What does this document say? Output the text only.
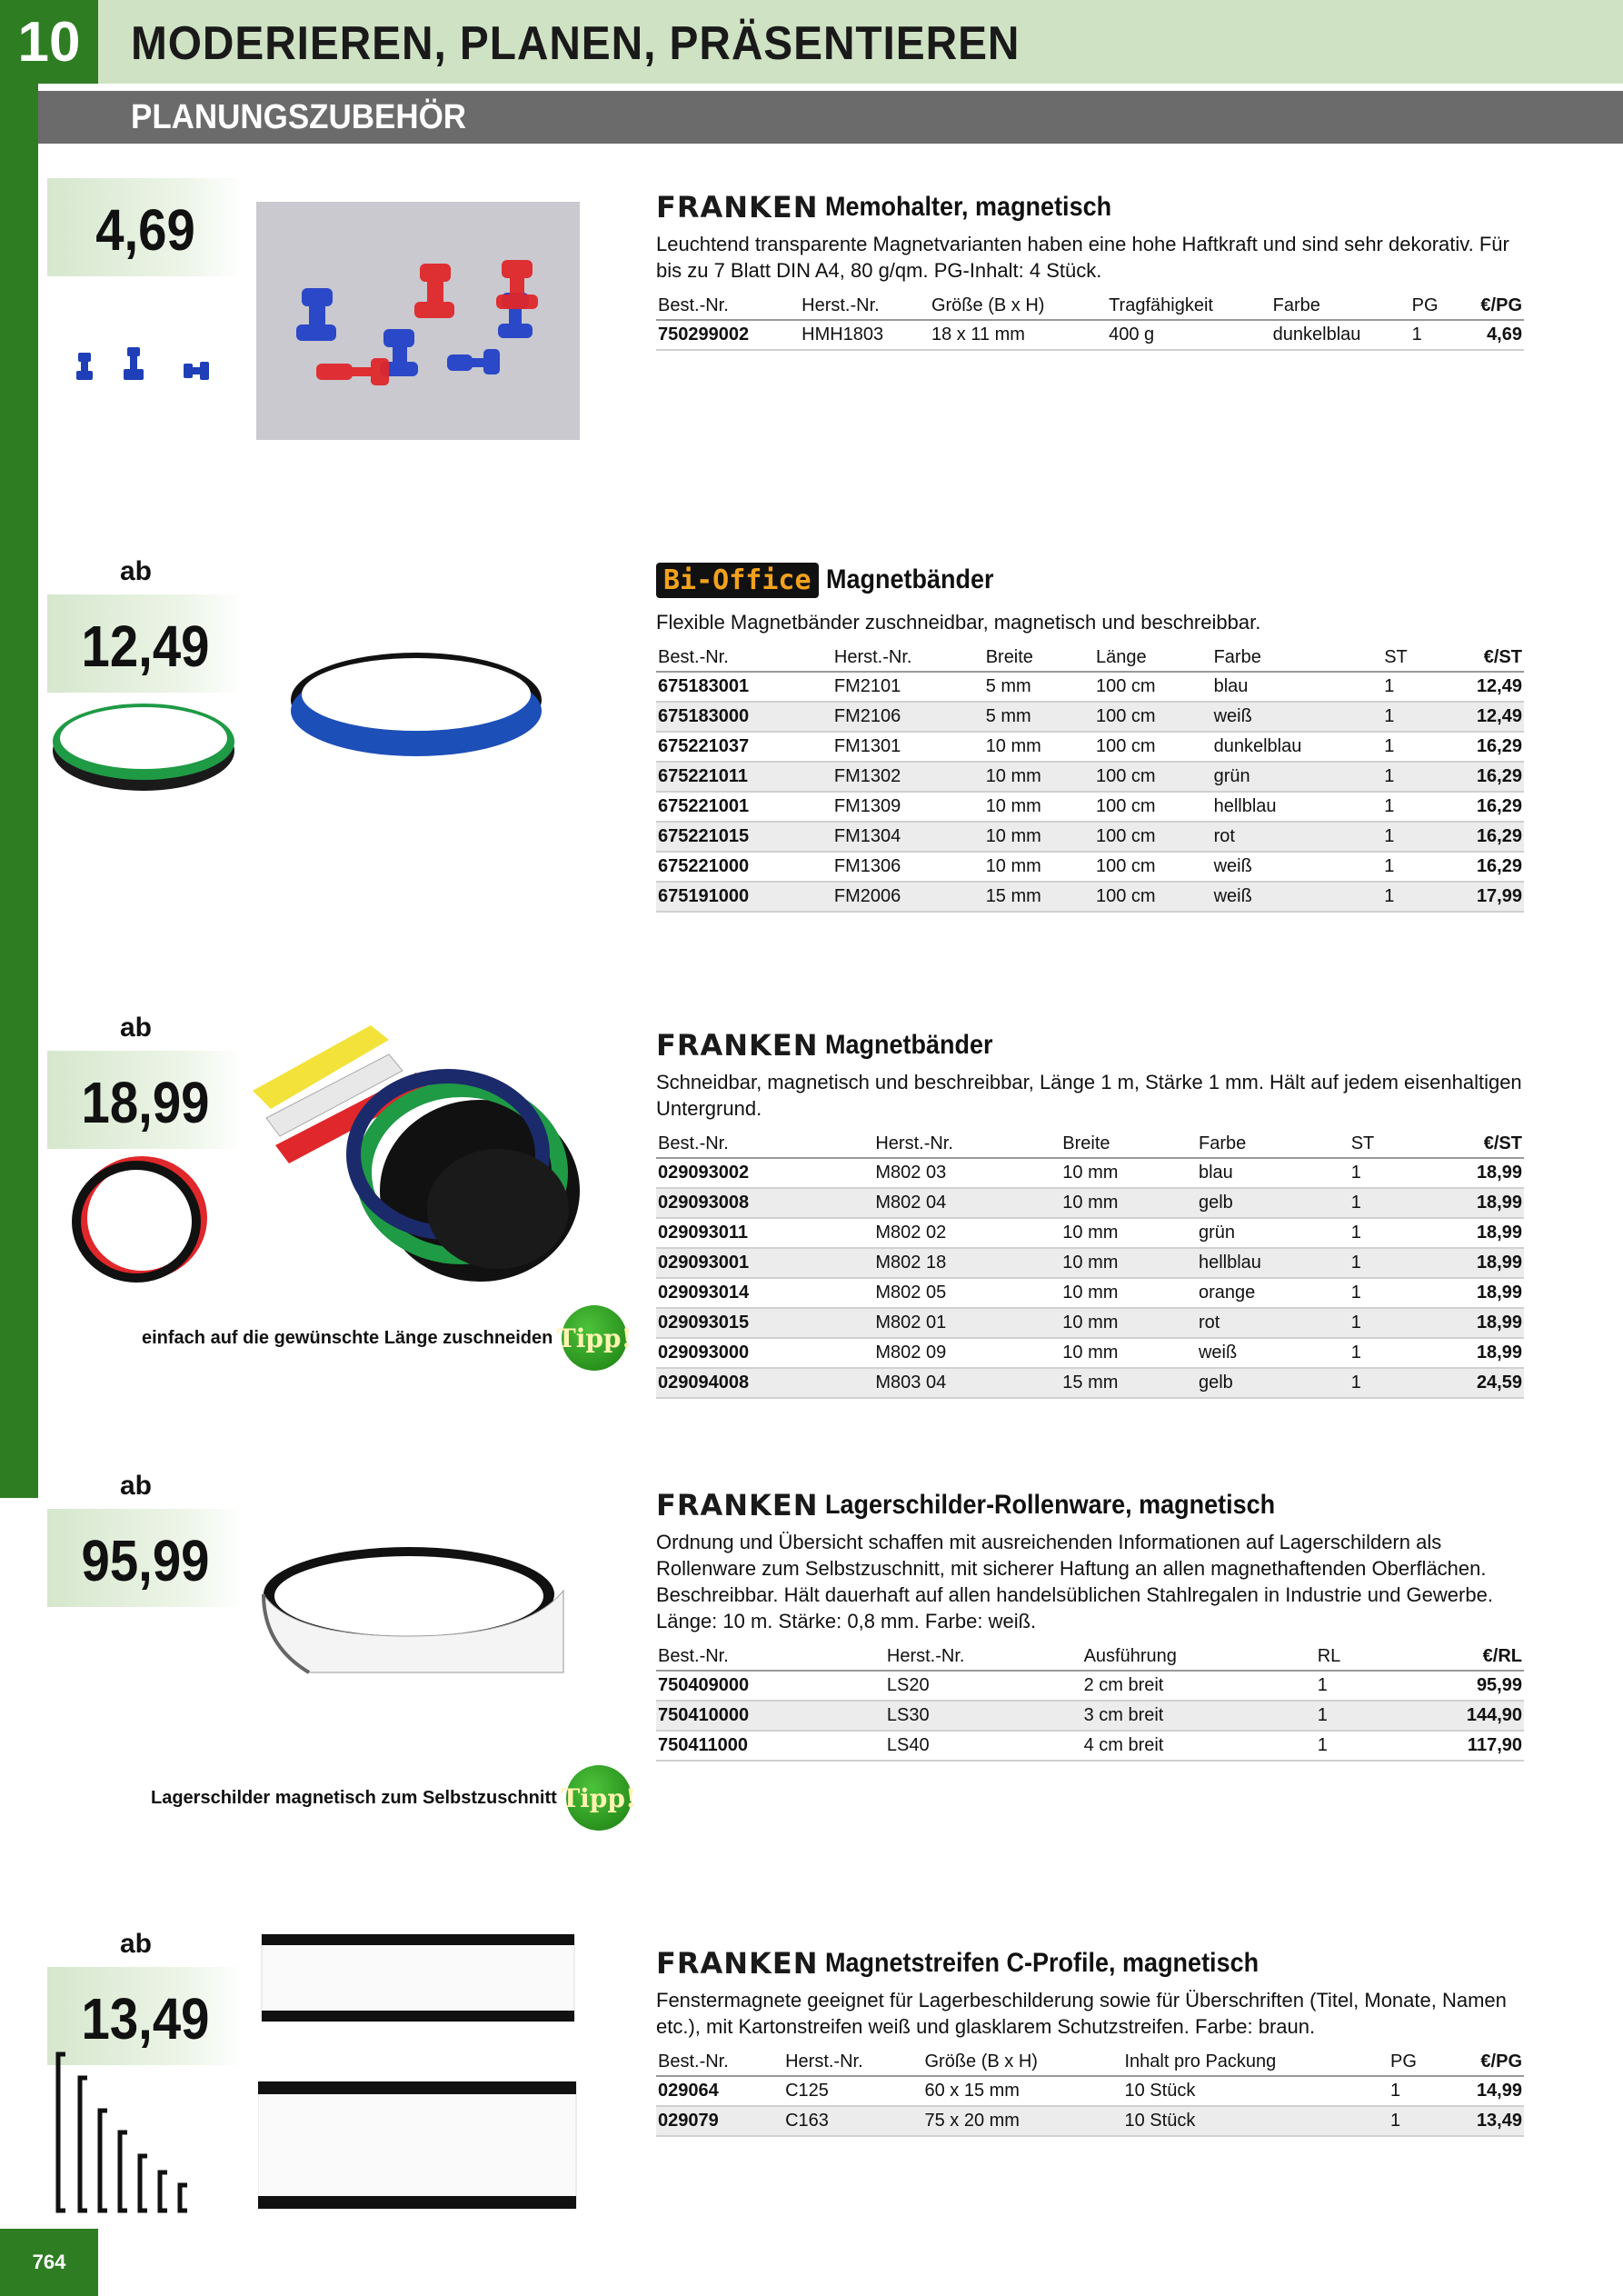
10	MODERIEREN, PLANEN, PRÄSENTIEREN
PLANUNGSZUBEHÖR
764
4,69	FRANKEN Memohalter, magnetisch
Leuchtend transparente Magnetvarianten haben eine hohe Haftkraft und sind sehr dekorativ. Für bis zu 7 Blatt DIN A4, 80 g/qm. PG-Inhalt: 4 Stück.
Best.-Nr.	Herst.-Nr.	Größe (B x H)	Tragfähigkeit	Farbe	PG	€/PG
750299002	HMH1803	18 x 11 mm	400 g	dunkelblau	1	4,69
ab
12,49
Bi-Office Magnetbänder
Flexible Magnetbänder zuschneidbar, magnetisch und beschreibbar.
Best.-Nr.	Herst.-Nr.	Breite	Länge	Farbe	ST	€/ST
675183001	FM2101	5 mm	100 cm	blau	1	12,49
675183000	FM2106	5 mm	100 cm	weiß	1	12,49
675221037	FM1301	10 mm	100 cm	dunkelblau	1	16,29
675221011	FM1302	10 mm	100 cm	grün	1	16,29
675221001	FM1309	10 mm	100 cm	hellblau	1	16,29
675221015	FM1304	10 mm	100 cm	rot	1	16,29
675221000	FM1306	10 mm	100 cm	weiß	1	16,29
675191000	FM2006	15 mm	100 cm	weiß	1	17,99
ab
18,99
einfach auf die gewünschte Länge zuschneiden Tipp!
FRANKEN Magnetbänder
Schneidbar, magnetisch und beschreibbar, Länge 1 m, Stärke 1 mm. Hält auf jedem eisenhaltigen Untergrund.
Best.-Nr.	Herst.-Nr.	Breite	Farbe	ST	€/ST
029093002	M802 03	10 mm	blau	1	18,99
029093008	M802 04	10 mm	gelb	1	18,99
029093011	M802 02	10 mm	grün	1	18,99
029093001	M802 18	10 mm	hellblau	1	18,99
029093014	M802 05	10 mm	orange	1	18,99
029093015	M802 01	10 mm	rot	1	18,99
029093000	M802 09	10 mm	weiß	1	18,99
029094008	M803 04	15 mm	gelb	1	24,59
ab
95,99
Lagerschilder magnetisch zum Selbstzuschnitt Tipp!
FRANKEN Lagerschilder-Rollenware, magnetisch
Ordnung und Übersicht schaffen mit ausreichenden Informationen auf Lagerschildern als Rollenware zum Selbstzuschnitt, mit sicherer Haftung an allen magnethaftenden Oberflächen. Beschreibbar. Hält dauerhaft auf allen handelsüblichen Stahlregalen in Industrie und Gewerbe. Länge: 10 m. Stärke: 0,8 mm. Farbe: weiß.
Best.-Nr.	Herst.-Nr.	Ausführung	RL	€/RL
750409000	LS20	2 cm breit	1	95,99
750410000	LS30	3 cm breit	1	144,90
750411000	LS40	4 cm breit	1	117,90
ab
13,49
FRANKEN Magnetstreifen C-Profile, magnetisch
Fenstermagnete geeignet für Lagerbeschilderung sowie für Überschriften (Titel, Monate, Namen etc.), mit Kartonstreifen weiß und glasklarem Schutzstreifen. Farbe: braun.
Best.-Nr.	Herst.-Nr.	Größe (B x H)	Inhalt pro Packung	PG	€/PG
029064	C125	60 x 15 mm	10 Stück	1	14,99
029079	C163	75 x 20 mm	10 Stück	1	13,49
